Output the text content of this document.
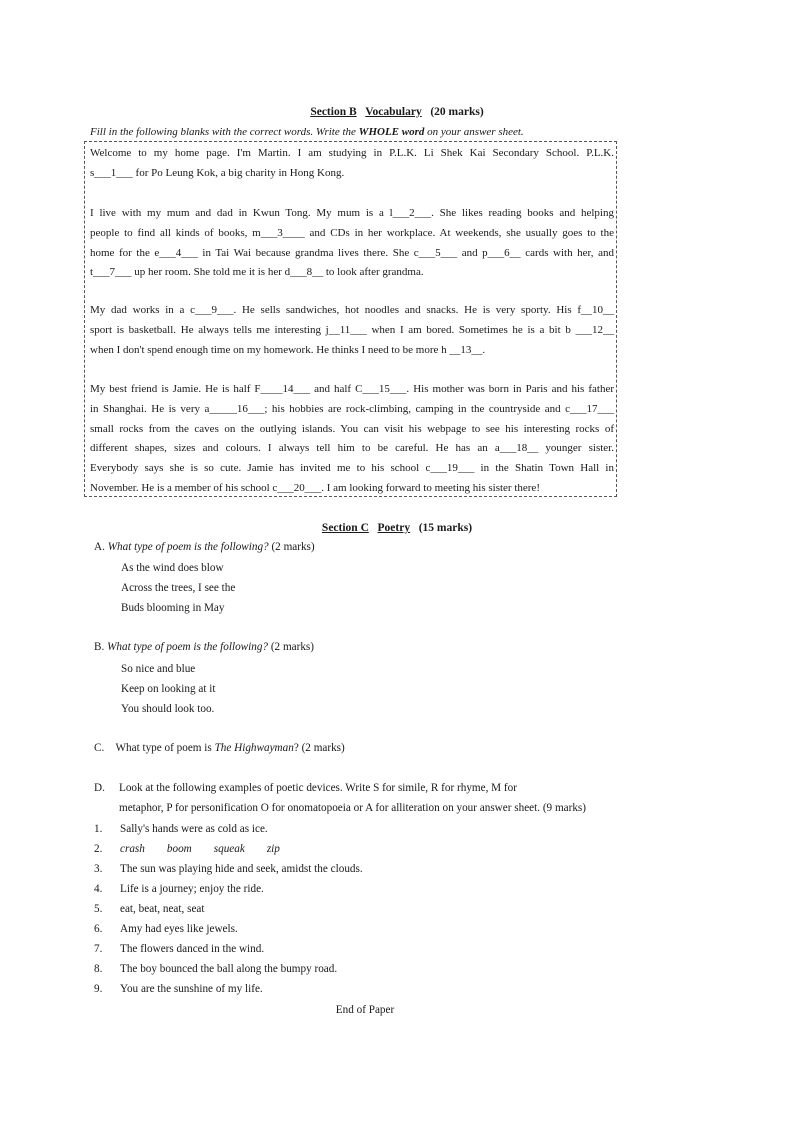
Section B Vocabulary (20 marks)
Fill in the following blanks with the correct words. Write the WHOLE word on your answer sheet.
Welcome to my home page. I'm Martin. I am studying in P.L.K. Li Shek Kai Secondary School. P.L.K.
s___1___ for Po Leung Kok, a big charity in Hong Kong.
I live with my mum and dad in Kwun Tong. My mum is a l___2___. She likes reading books and helping
people to find all kinds of books, m___3____ and CDs in her workplace. At weekends, she usually goes to the
home for the e___4___ in Tai Wai because grandma lives there. She c___5___ and p___6__ cards with her, and
t___7___ up her room. She told me it is her d___8__ to look after grandma.
My dad works in a c___9___. He sells sandwiches, hot noodles and snacks. He is very sporty. His f__10__
sport is basketball. He always tells me interesting j__11___ when I am bored. Sometimes he is a bit b ___12__
when I don't spend enough time on my homework. He thinks I need to be more h __13__.
My best friend is Jamie. He is half F____14___ and half C___15___. His mother was born in Paris and his father
in Shanghai. He is very a_____16___; his hobbies are rock-climbing, camping in the countryside and c___17___
small rocks from the caves on the outlying islands. You can visit his webpage to see his interesting rocks of
different shapes, sizes and colours. I always tell him to be careful. He has an a___18__ younger sister.
Everybody says she is so cute. Jamie has invited me to his school c___19___ in the Shatin Town Hall in
November. He is a member of his school c___20___. I am looking forward to meeting his sister there!
Section C Poetry (15 marks)
A. What type of poem is the following? (2 marks)
As the wind does blow
Across the trees, I see the
Buds blooming in May
B. What type of poem is the following? (2 marks)
So nice and blue
Keep on looking at it
You should look too.
C. What type of poem is The Highwayman? (2 marks)
D. Look at the following examples of poetic devices. Write S for simile, R for rhyme, M for
metaphor, P for personification O for onomatopoeia or A for alliteration on your answer sheet. (9 marks)
1. Sally's hands were as cold as ice.
2. crash boom squeak zip
3. The sun was playing hide and seek, amidst the clouds.
4. Life is a journey; enjoy the ride.
5. eat, beat, neat, seat
6. Amy had eyes like jewels.
7. The flowers danced in the wind.
8. The boy bounced the ball along the bumpy road.
9. You are the sunshine of my life.
End of Paper
